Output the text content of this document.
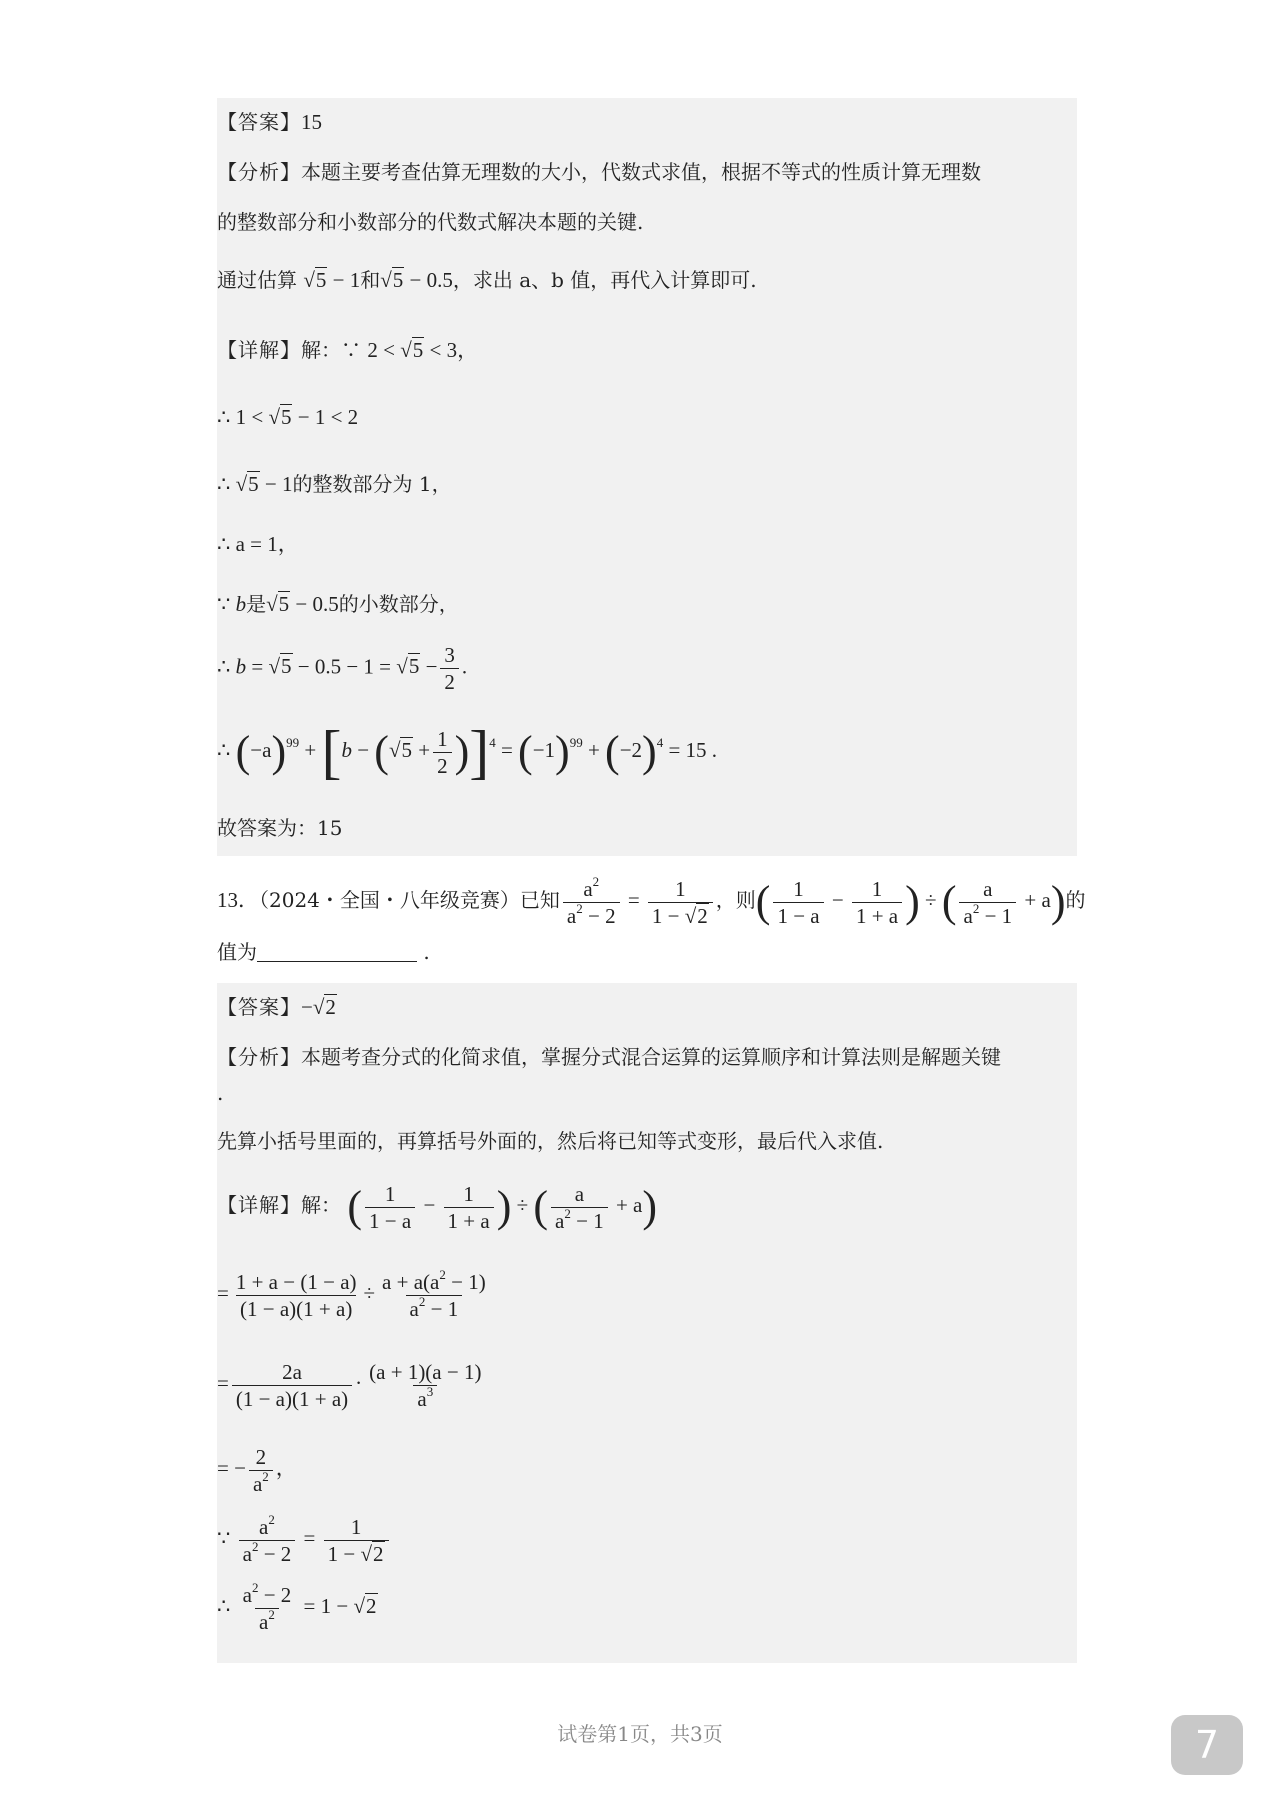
【答案】15
【分析】本题主要考查估算无理数的大小，代数式求值，根据不等式的性质计算无理数
的整数部分和小数部分的代数式解决本题的关键.
通过估算 √5 − 1和√5 − 0.5，求出 a、b 值，再代入计算即可.
【详解】解：∵ 2 < √5 < 3，
∴ 1 < √5 − 1 < 2
∴ √5 − 1的整数部分为 1，
∴ a = 1，
∵ b是√5 − 0.5的小数部分，
∴ $b = √5 - 0.5 - 1 = √5 - \frac{3}{2}$ .
∴ $(-a)^{99} + [b - (√5 + \frac{1}{2} )]^4 = (-1)^{99} + (-2)^4 = 15$ .
故答案为：15
13．（2024・全国・八年级竞赛）已知 $\frac{a^2}{a^2 - 2} = \frac{1}{1 - √2}$ ，则( $\frac{1}{1 - a} - \frac{1}{1 + a}$ ) ÷ ( $\frac{a}{a^2 - 1} + a$)的
值为	.
【答案】−√2
【分析】本题考查分式的化简求值，掌握分式混合运算的运算顺序和计算法则是解题关键
.
先算小括号里面的，再算括号外面的，然后将已知等式变形，最后代入求值.
【详解】解： ( $\frac{1}{1 - a} - \frac{1}{1 + a}$ ) ÷ ( $\frac{a}{a^2 - 1} + a$)
= $\frac{1 + a - (1 - a)}{(1 - a)(1 + a)} \div \frac{a + a(a^2 - 1)}{a^2 - 1}$
= $\frac{2a}{(1 - a)(1 + a)} \cdot \frac{(a + 1)(a - 1)}{a^3}$
= − $\frac{2}{a^2}$ ，
∵ $\frac{a^2}{a^2 - 2} = \frac{1}{1 - √2}$
∴ $\frac{a^2 - 2}{a^2} = 1 - √2$
试卷第1页，共3页	7
